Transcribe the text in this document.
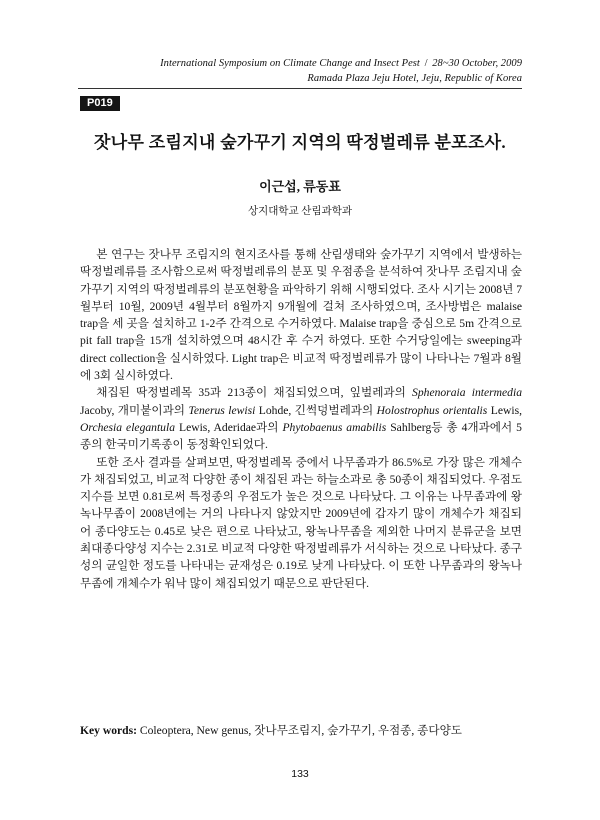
International Symposium on Climate Change and Insect Pest / 28~30 October, 2009
Ramada Plaza Jeju Hotel, Jeju, Republic of Korea
P019
잣나무 조림지내 숲가꾸기 지역의 딱정벌레류 분포조사.
이근섭, 류동표
상지대학교 산림과학과

본 연구는 잣나무 조림지의 현지조사를 통해 산림생태와 숲가꾸기 지역에서 발생하는 딱정벌레류를 조사함으로써 딱정벌레류의 분포 및 우점종을 분석하여 잣나무 조림지내 숲가꾸기 지역의 딱정벌레류의 분포현황을 파악하기 위해 시행되었다. 조사 시기는 2008년 7월부터 10월, 2009년 4월부터 8월까지 9개월에 걸쳐 조사하였으며, 조사방법은 malaise trap을 세 곳을 설치하고 1-2주 간격으로 수거하였다. Malaise trap을 중심으로 5m 간격으로 pit fall trap을 15개 설치하였으며 48시간 후 수거 하였다. 또한 수거당일에는 sweeping과 direct collection을 실시하였다. Light trap은 비교적 딱정벌레류가 많이 나타나는 7월과 8월에 3회 실시하였다.

채집된 딱정벌레목 35과 213종이 채집되었으며, 잎벌레과의 Sphenoraia intermedia Jacoby, 개미붙이과의 Tenerus lewisi Lohde, 긴썩덩벌레과의 Holostrophus orientalis Lewis, Orchesia elegantula Lewis, Aderidae과의 Phytobaenus amabilis Sahlberg등 총 4개과에서 5종의 한국미기록종이 동정확인되었다.

또한 조사 결과를 살펴보면, 딱정벌레목 중에서 나무좀과가 86.5%로 가장 많은 개체수가 채집되었고, 비교적 다양한 종이 채집된 과는 하늘소과로 총 50종이 채집되었다. 우점도 지수를 보면 0.81로써 특정종의 우점도가 높은 것으로 나타났다. 그 이유는 나무좀과에 왕녹나무좀이 2008년에는 거의 나타나지 않았지만 2009년에 갑자기 많이 개체수가 채집되어 종다양도는 0.45로 낮은 편으로 나타났고, 왕녹나무좀을 제외한 나머지 분류군을 보면 최대종다양성 지수는 2.31로 비교적 다양한 딱정벌레류가 서식하는 것으로 나타났다. 종구성의 균일한 정도를 나타내는 균재성은 0.19로 낮게 나타났다. 이 또한 나무좀과의 왕녹나무좀에 개체수가 워낙 많이 채집되었기 때문으로 판단된다.

Key words: Coleoptera, New genus, 잣나무조림지, 숲가꾸기, 우점종, 종다양도
133
